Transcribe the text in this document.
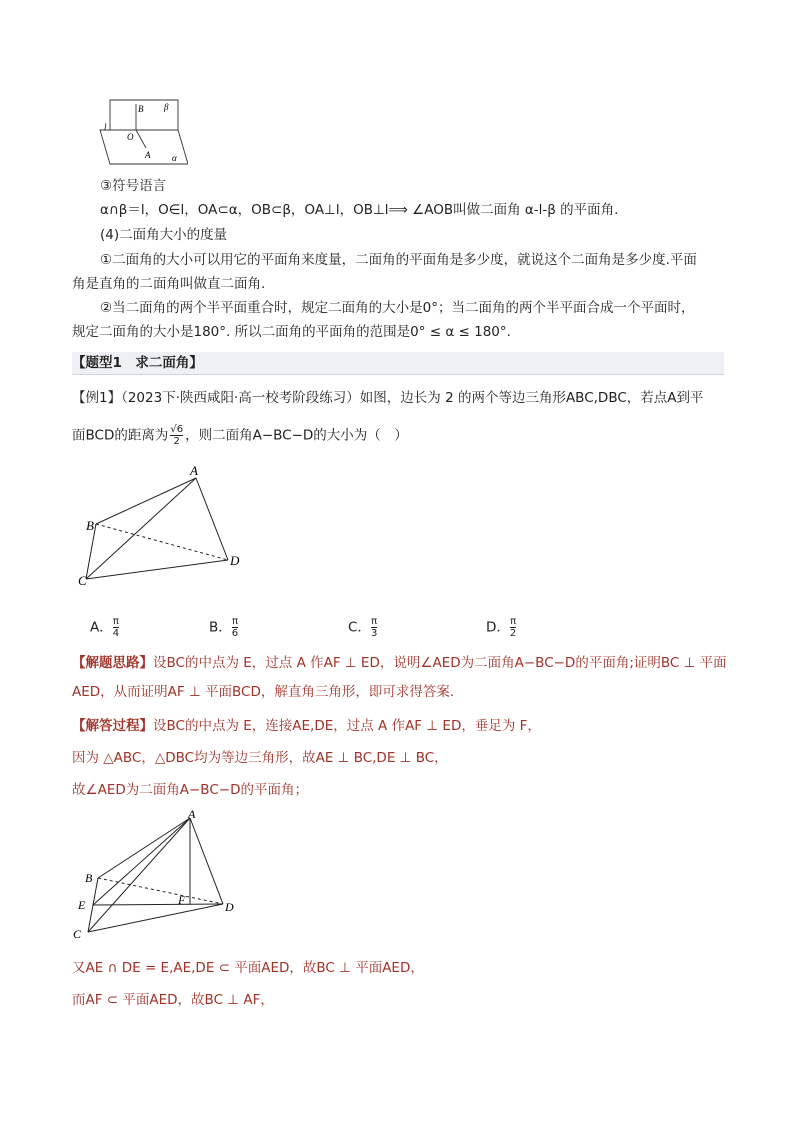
B β
l
O
A α
③符号语言
α∩β＝l，O∈l，OA⊂α，OB⊂β，OA⊥l，OB⊥l⟹ ∠AOB叫做二面角 α-l-β 的平面角.
(4)二面角大小的度量
①二面角的大小可以用它的平面角来度量，二面角的平面角是多少度，就说这个二面角是多少度.平面
角是直角的二面角叫做直二面角.
②当二面角的两个半平面重合时，规定二面角的大小是0°；当二面角的两个半平面合成一个平面时，
规定二面角的大小是180°. 所以二面角的平面角的范围是0° ≤ α ≤ 180°.
【题型1　求二面角】
【例1】（2023下·陕西咸阳·高一校考阶段练习）如图，边长为 2 的两个等边三角形ABC,DBC，若点A到平
面BCD的距离为 $\frac{√6}{2}$ ，则二面角A−BC−D的大小为（　）
A
B
C
D
A． $\frac{\pi}{4}$	B． $\frac{\pi}{6}$	C． $\frac{\pi}{3}$	D． $\frac{\pi}{2}$
【解题思路】设BC的中点为 E，过点 A 作AF ⊥ ED，说明∠AED为二面角A−BC−D的平面角;证明BC ⊥ 平面
AED，从而证明AF ⊥ 平面BCD，解直角三角形，即可求得答案.
【解答过程】设BC的中点为 E，连接AE,DE，过点 A 作AF ⊥ ED，垂足为 F，
因为 △ABC，△DBC均为等边三角形，故AE ⊥ BC,DE ⊥ BC，
故∠AED为二面角A−BC−D的平面角；
A
B
E	F	D
C
又AE ∩ DE = E,AE,DE ⊂ 平面AED，故BC ⊥ 平面AED，
而AF ⊂ 平面AED，故BC ⊥ AF，
